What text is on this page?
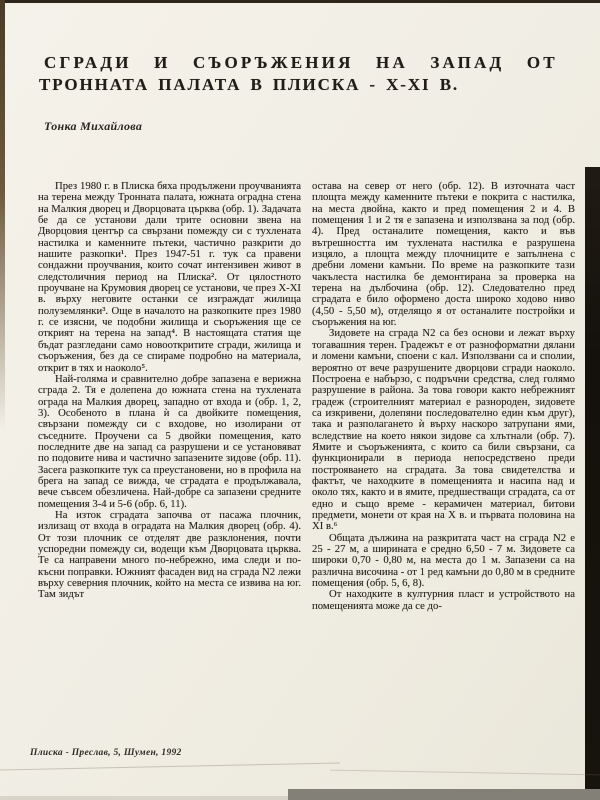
СГРАДИ И СЪОРЪЖЕНИЯ НА ЗАПАД ОТ
ТРОННАТА ПАЛАТА В ПЛИСКА - X-XI В.
Тонка Михайлова

През 1980 г. в Плиска бяха продължени проучванията на терена между Тронната палата, южната оградна стена на Малкия дворец и Дворцовата църква (обр. 1). Задачата бе да се установи дали трите основни звена на Дворцовия център са свързани помежду си с тухлената настилка и каменните пътеки, частично разкрити до нашите разкопки¹. През 1947-51 г. тук са правени сондажни проучвания, които сочат интензивен живот в следстоличния период на Плиска². От цялостното проучване на Крумовия дворец се установи, че през X-XI в. върху неговите останки се изграждат жилища полуземлянки³. Още в началото на разкопките през 1980 г. се изясни, че подобни жилища и съоръжения ще се открият на терена на запад⁴. В настоящата статия ще бъдат разгледани само новооткритите сгради, жилища и съоръжения, без да се спираме подробно на материала, открит в тях и наоколо⁵.

Най-голяма и сравнително добре запазена е верижна сграда 2. Тя е долепена до южната стена на тухлената ограда на Малкия дворец, западно от входа и (обр. 1, 2, 3). Особеното в плана ѝ са двойките помещения, свързани помежду си с входове, но изолирани от съседните. Проучени са 5 двойки помещения, като последните две на запад са разрушени и се установяват по подовите нива и частично запазените зидове (обр. 11). Засега разкопките тук са преустановени, но в профила на брега на запад се вижда, че сградата е продължавала, вече съвсем обезличена. Най-добре са запазени средните помещения 3-4 и 5-6 (обр. 6, 11).

На изток сградата започва от пасажа плочник, излизащ от входа в оградата на Малкия дворец (обр. 4). От този плочник се отделят две разклонения, почти успоредни помежду си, водещи към Дворцовата църква. Те са направени много по-небрежно, има следи и по-късни поправки. Южният фасаден вид на сграда N2 лежи върху северния плочник, който на места се извива на юг. Там зидът

остава на север от него (обр. 12). В източната част площта между каменните пътеки е покрита с настилка, на места двойна, както и пред помещения 2 и 4. В помещения 1 и 2 тя е запазена и използвана за под (обр. 4). Пред останалите помещения, както и във вътрешността им тухлената настилка е разрушена изцяло, а площта между плочниците е запълнена с дребни ломени камъни. По време на разкопките тази чакълеста настилка бе демонтирана за проверка на терена на дълбочина (обр. 12). Следователно пред сградата е било оформено доста широко ходово ниво (4,50 - 5,50 м), отделящо я от останалите постройки и съоръжения на юг.

Зидовете на сграда N2 са без основи и лежат върху тогавашния терен. Градежът е от разноформатни дялани и ломени камъни, споени с кал. Използвани са и сполии, вероятно от вече разрушените дворцови сгради наоколо. Построена е набързо, с подръчни средства, след голямо разрушение в района. За това говори както небрежният градеж (строителният материал е разнороден, зидовете са изкривени, долепяни последователно един към друг), така и разполагането ѝ върху наскоро затрупани ями, вследствие на което някои зидове са хлътнали (обр. 7). Ямите и съоръженията, с които са били свързани, са функционирали в периода непосредствено преди построяването на сградата. За това свидетелства и фактът, че находките в помещенията и насипа над и около тях, както и в ямите, предшестващи сградата, са от едно и също време - керамичен материал, битови предмети, монети от края на X в. и първата половина на XI в.⁶

Общата дължина на разкритата част на сграда N2 е 25 - 27 м, а ширината е средно 6,50 - 7 м. Зидовете са широки 0,70 - 0,80 м, на места до 1 м. Запазени са на различна височина - от 1 ред камъни до 0,80 м в средните помещения (обр. 5, 6, 8).

От находките в културния пласт и устройството на помещенията може да се до-

Плиска - Преслав, 5, Шумен, 1992
